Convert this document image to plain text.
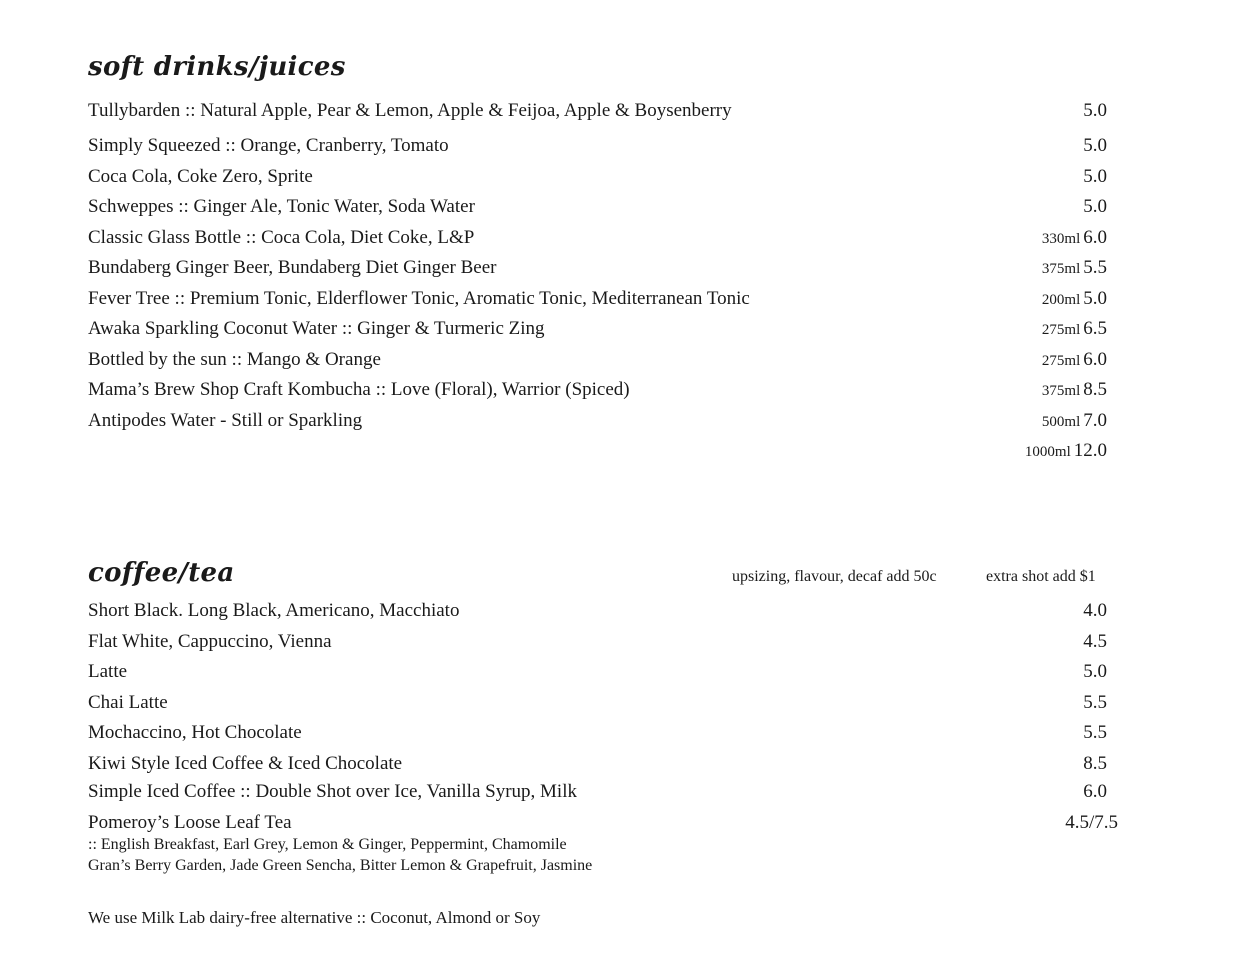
soft drinks/juices
Tullybarden :: Natural Apple, Pear & Lemon, Apple & Feijoa, Apple & Boysenberry	5.0
Simply Squeezed :: Orange, Cranberry, Tomato	5.0
Coca Cola, Coke Zero, Sprite	5.0
Schweppes :: Ginger Ale, Tonic Water, Soda Water	5.0
Classic Glass Bottle :: Coca Cola, Diet Coke, L&P	330ml 6.0
Bundaberg Ginger Beer, Bundaberg Diet Ginger Beer	375ml 5.5
Fever Tree :: Premium Tonic, Elderflower Tonic, Aromatic Tonic, Mediterranean Tonic	200ml 5.0
Awaka Sparkling Coconut Water :: Ginger & Turmeric Zing	275ml 6.5
Bottled by the sun :: Mango & Orange	275ml 6.0
Mama’s Brew Shop Craft Kombucha :: Love (Floral), Warrior (Spiced)	375ml 8.5
Antipodes Water - Still or Sparkling	500ml 7.0
1000ml 12.0
coffee/tea	upsizing, flavour, decaf add 50c	extra shot add $1
Short Black. Long Black, Americano, Macchiato	4.0
Flat White, Cappuccino, Vienna	4.5
Latte	5.0
Chai Latte	5.5
Mochaccino, Hot Chocolate	5.5
Kiwi Style Iced Coffee & Iced Chocolate	8.5
Simple Iced Coffee :: Double Shot over Ice, Vanilla Syrup, Milk	6.0
Pomeroy’s Loose Leaf Tea	4.5/7.5
:: English Breakfast, Earl Grey, Lemon & Ginger, Peppermint, Chamomile
Gran’s Berry Garden, Jade Green Sencha, Bitter Lemon & Grapefruit, Jasmine
We use Milk Lab dairy-free alternative :: Coconut, Almond or Soy
